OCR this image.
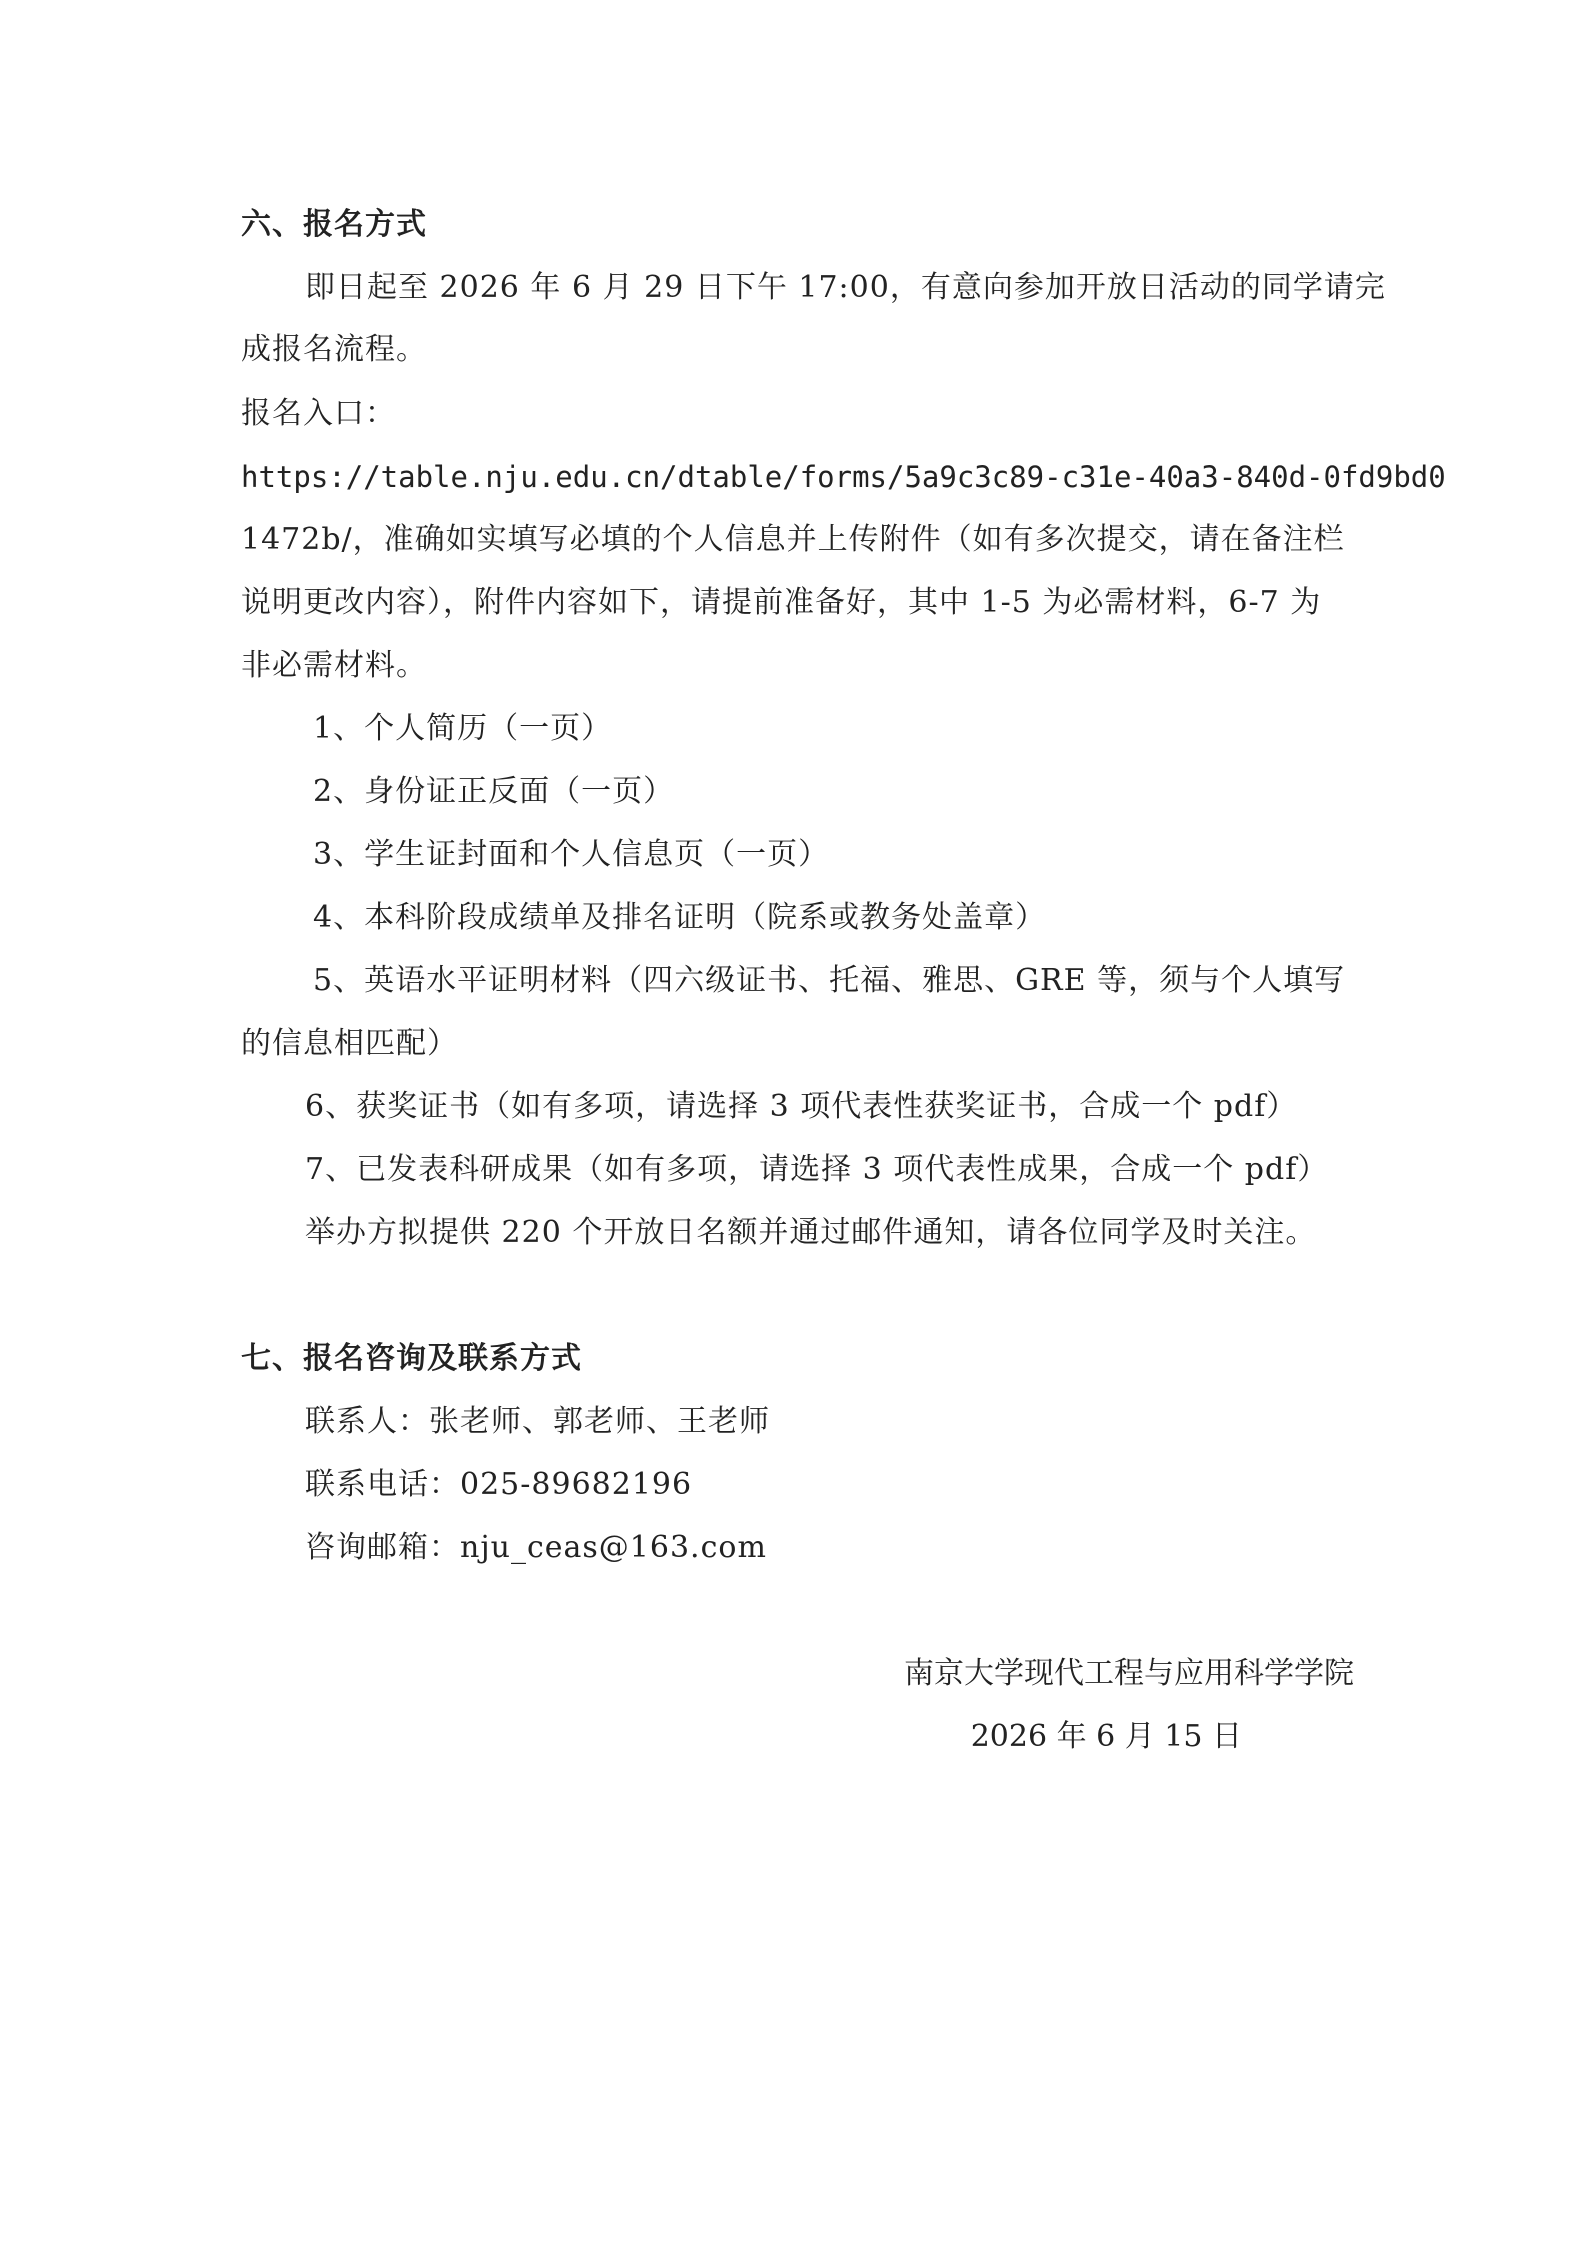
六、报名方式
即日起至 2026 年 6 月 29 日下午 17:00，有意向参加开放日活动的同学请完
成报名流程。
报名入口：
https://table.nju.edu.cn/dtable/forms/5a9c3c89-c31e-40a3-840d-0fd9bd0
1472b/，准确如实填写必填的个人信息并上传附件（如有多次提交，请在备注栏
说明更改内容），附件内容如下，请提前准备好，其中 1-5 为必需材料，6-7 为
非必需材料。
1、个人简历（一页）
2、身份证正反面（一页）
3、学生证封面和个人信息页（一页）
4、本科阶段成绩单及排名证明（院系或教务处盖章）
5、英语水平证明材料（四六级证书、托福、雅思、GRE 等，须与个人填写
的信息相匹配）
6、获奖证书（如有多项，请选择 3 项代表性获奖证书，合成一个 pdf）
7、已发表科研成果（如有多项，请选择 3 项代表性成果，合成一个 pdf）
举办方拟提供 220 个开放日名额并通过邮件通知，请各位同学及时关注。
七、报名咨询及联系方式
联系人：张老师、郭老师、王老师
联系电话：025-89682196
咨询邮箱：nju_ceas@163.com
南京大学现代工程与应用科学学院
2026 年 6 月 15 日
